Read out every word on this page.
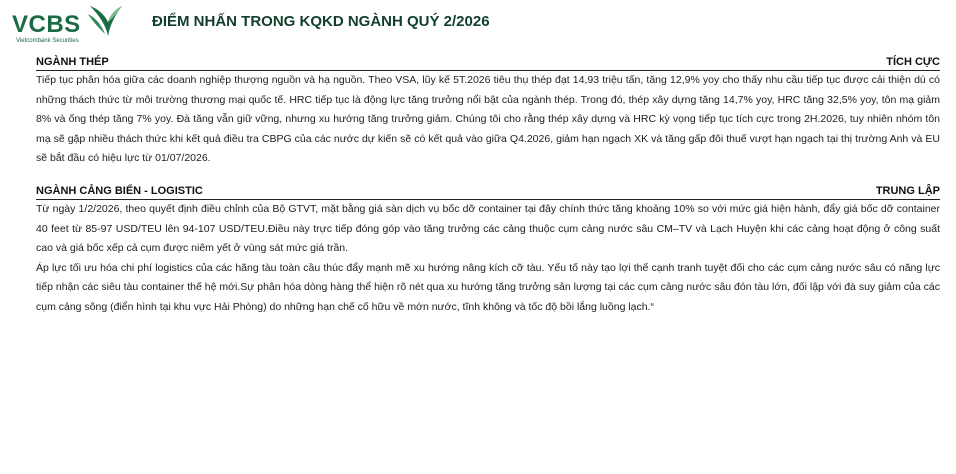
VCBS
Vietcombank Securities
ĐIỂM NHẤN TRONG KQKD NGÀNH QUÝ 2/2026
NGÀNH THÉP	TÍCH CỰC

Tiếp tục phân hóa giữa các doanh nghiệp thượng nguồn và hạ nguồn. Theo VSA, lũy kế 5T.2026 tiêu thụ thép đạt 14,93 triệu tấn, tăng 12,9% yoy cho thấy nhu cầu tiếp tục được cải thiện dù có những thách thức từ môi trường thương mại quốc tế. HRC tiếp tục là động lực tăng trưởng nổi bật của ngành thép. Trong đó, thép xây dựng tăng 14,7% yoy, HRC tăng 32,5% yoy, tôn mạ giảm 8% và ống thép tăng 7% yoy. Đà tăng vẫn giữ vững, nhưng xu hướng tăng trưởng giảm. Chúng tôi cho rằng thép xây dựng và HRC kỳ vọng tiếp tục tích cực trong 2H.2026, tuy nhiên nhóm tôn mạ sẽ gặp nhiều thách thức khi kết quả điều tra CBPG của các nước dự kiến sẽ có kết quả vào giữa Q4.2026, giảm hạn ngạch XK và tăng gấp đôi thuế vượt hạn ngạch tại thị trường Anh và EU sẽ bắt đầu có hiệu lực từ 01/07/2026.

NGÀNH CẢNG BIỂN - LOGISTIC	TRUNG LẬP

Từ ngày 1/2/2026, theo quyết định điều chỉnh của Bộ GTVT, mặt bằng giá sàn dịch vụ bốc dỡ container tại đây chính thức tăng khoảng 10% so với mức giá hiện hành, đẩy giá bốc dỡ container 40 feet từ 85-97 USD/TEU lên 94-107 USD/TEU.Điều này trực tiếp đóng góp vào tăng trưởng các cảng thuộc cụm cảng nước sâu CM–TV và Lạch Huyện khi các cảng hoạt động ở công suất cao và giá bốc xếp cả cụm được niêm yết ở vùng sát mức giá trần.

Áp lực tối ưu hóa chi phí logistics của các hãng tàu toàn cầu thúc đẩy mạnh mẽ xu hướng nâng kích cỡ tàu. Yếu tố này tạo lợi thế cạnh tranh tuyệt đối cho các cụm cảng nước sâu có năng lực tiếp nhận các siêu tàu container thế hệ mới.Sự phân hóa dòng hàng thể hiện rõ nét qua xu hướng tăng trưởng sản lượng tại các cụm cảng nước sâu đón tàu lớn, đối lập với đà suy giảm của các cụm cảng sông (điển hình tại khu vực Hải Phòng) do những hạn chế cố hữu về mớn nước, tĩnh không và tốc độ bồi lắng luồng lạch.“
